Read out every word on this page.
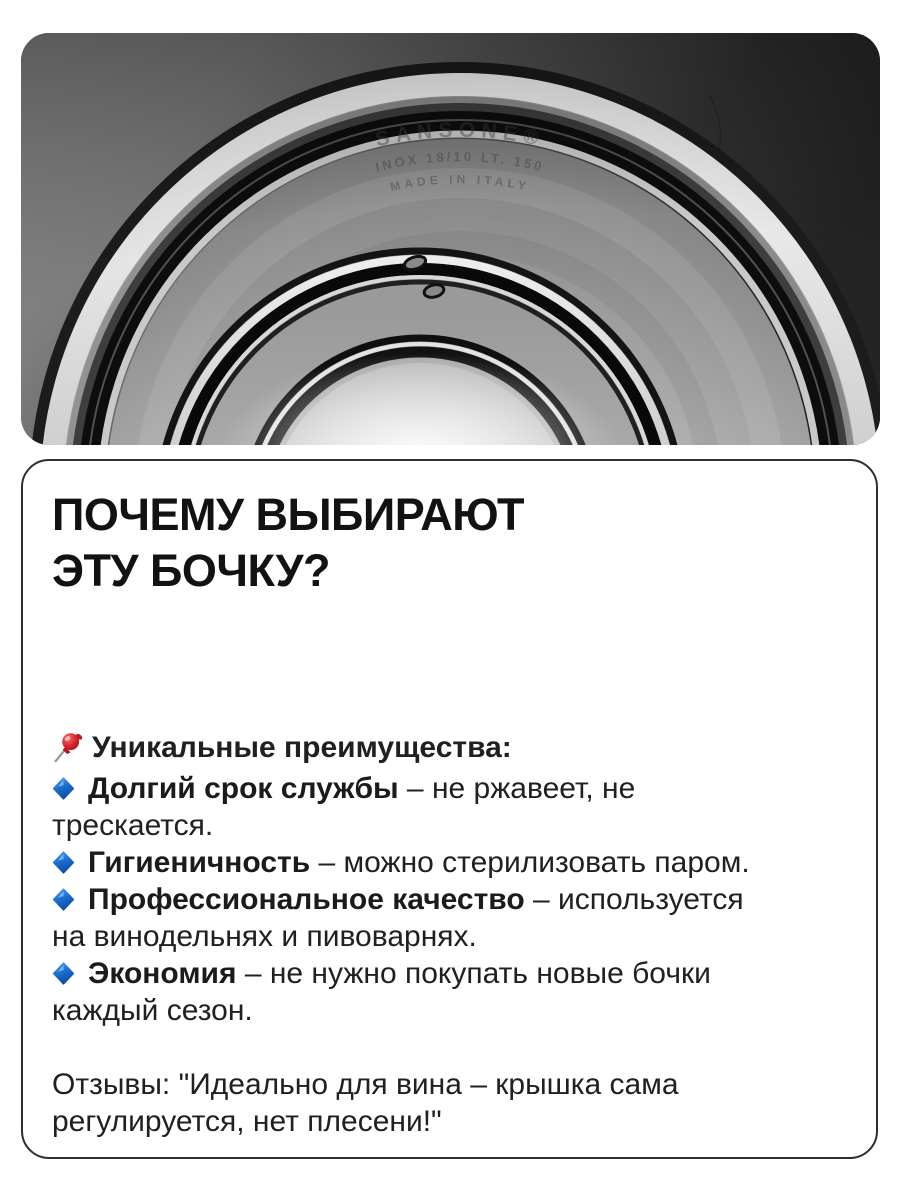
ПОЧЕМУ ВЫБИРАЮТ
ЭТУ БОЧКУ?

Уникальные преимущества:

Долгий срок службы – не ржавеет, не трескается.

Гигиеничность – можно стерилизовать паром.

Профессиональное качество – используется на винодельнях и пивоварнях.

Экономия – не нужно покупать новые бочки каждый сезон.

Отзывы: "Идеально для вина – крышка сама регулируется, нет плесени!"
